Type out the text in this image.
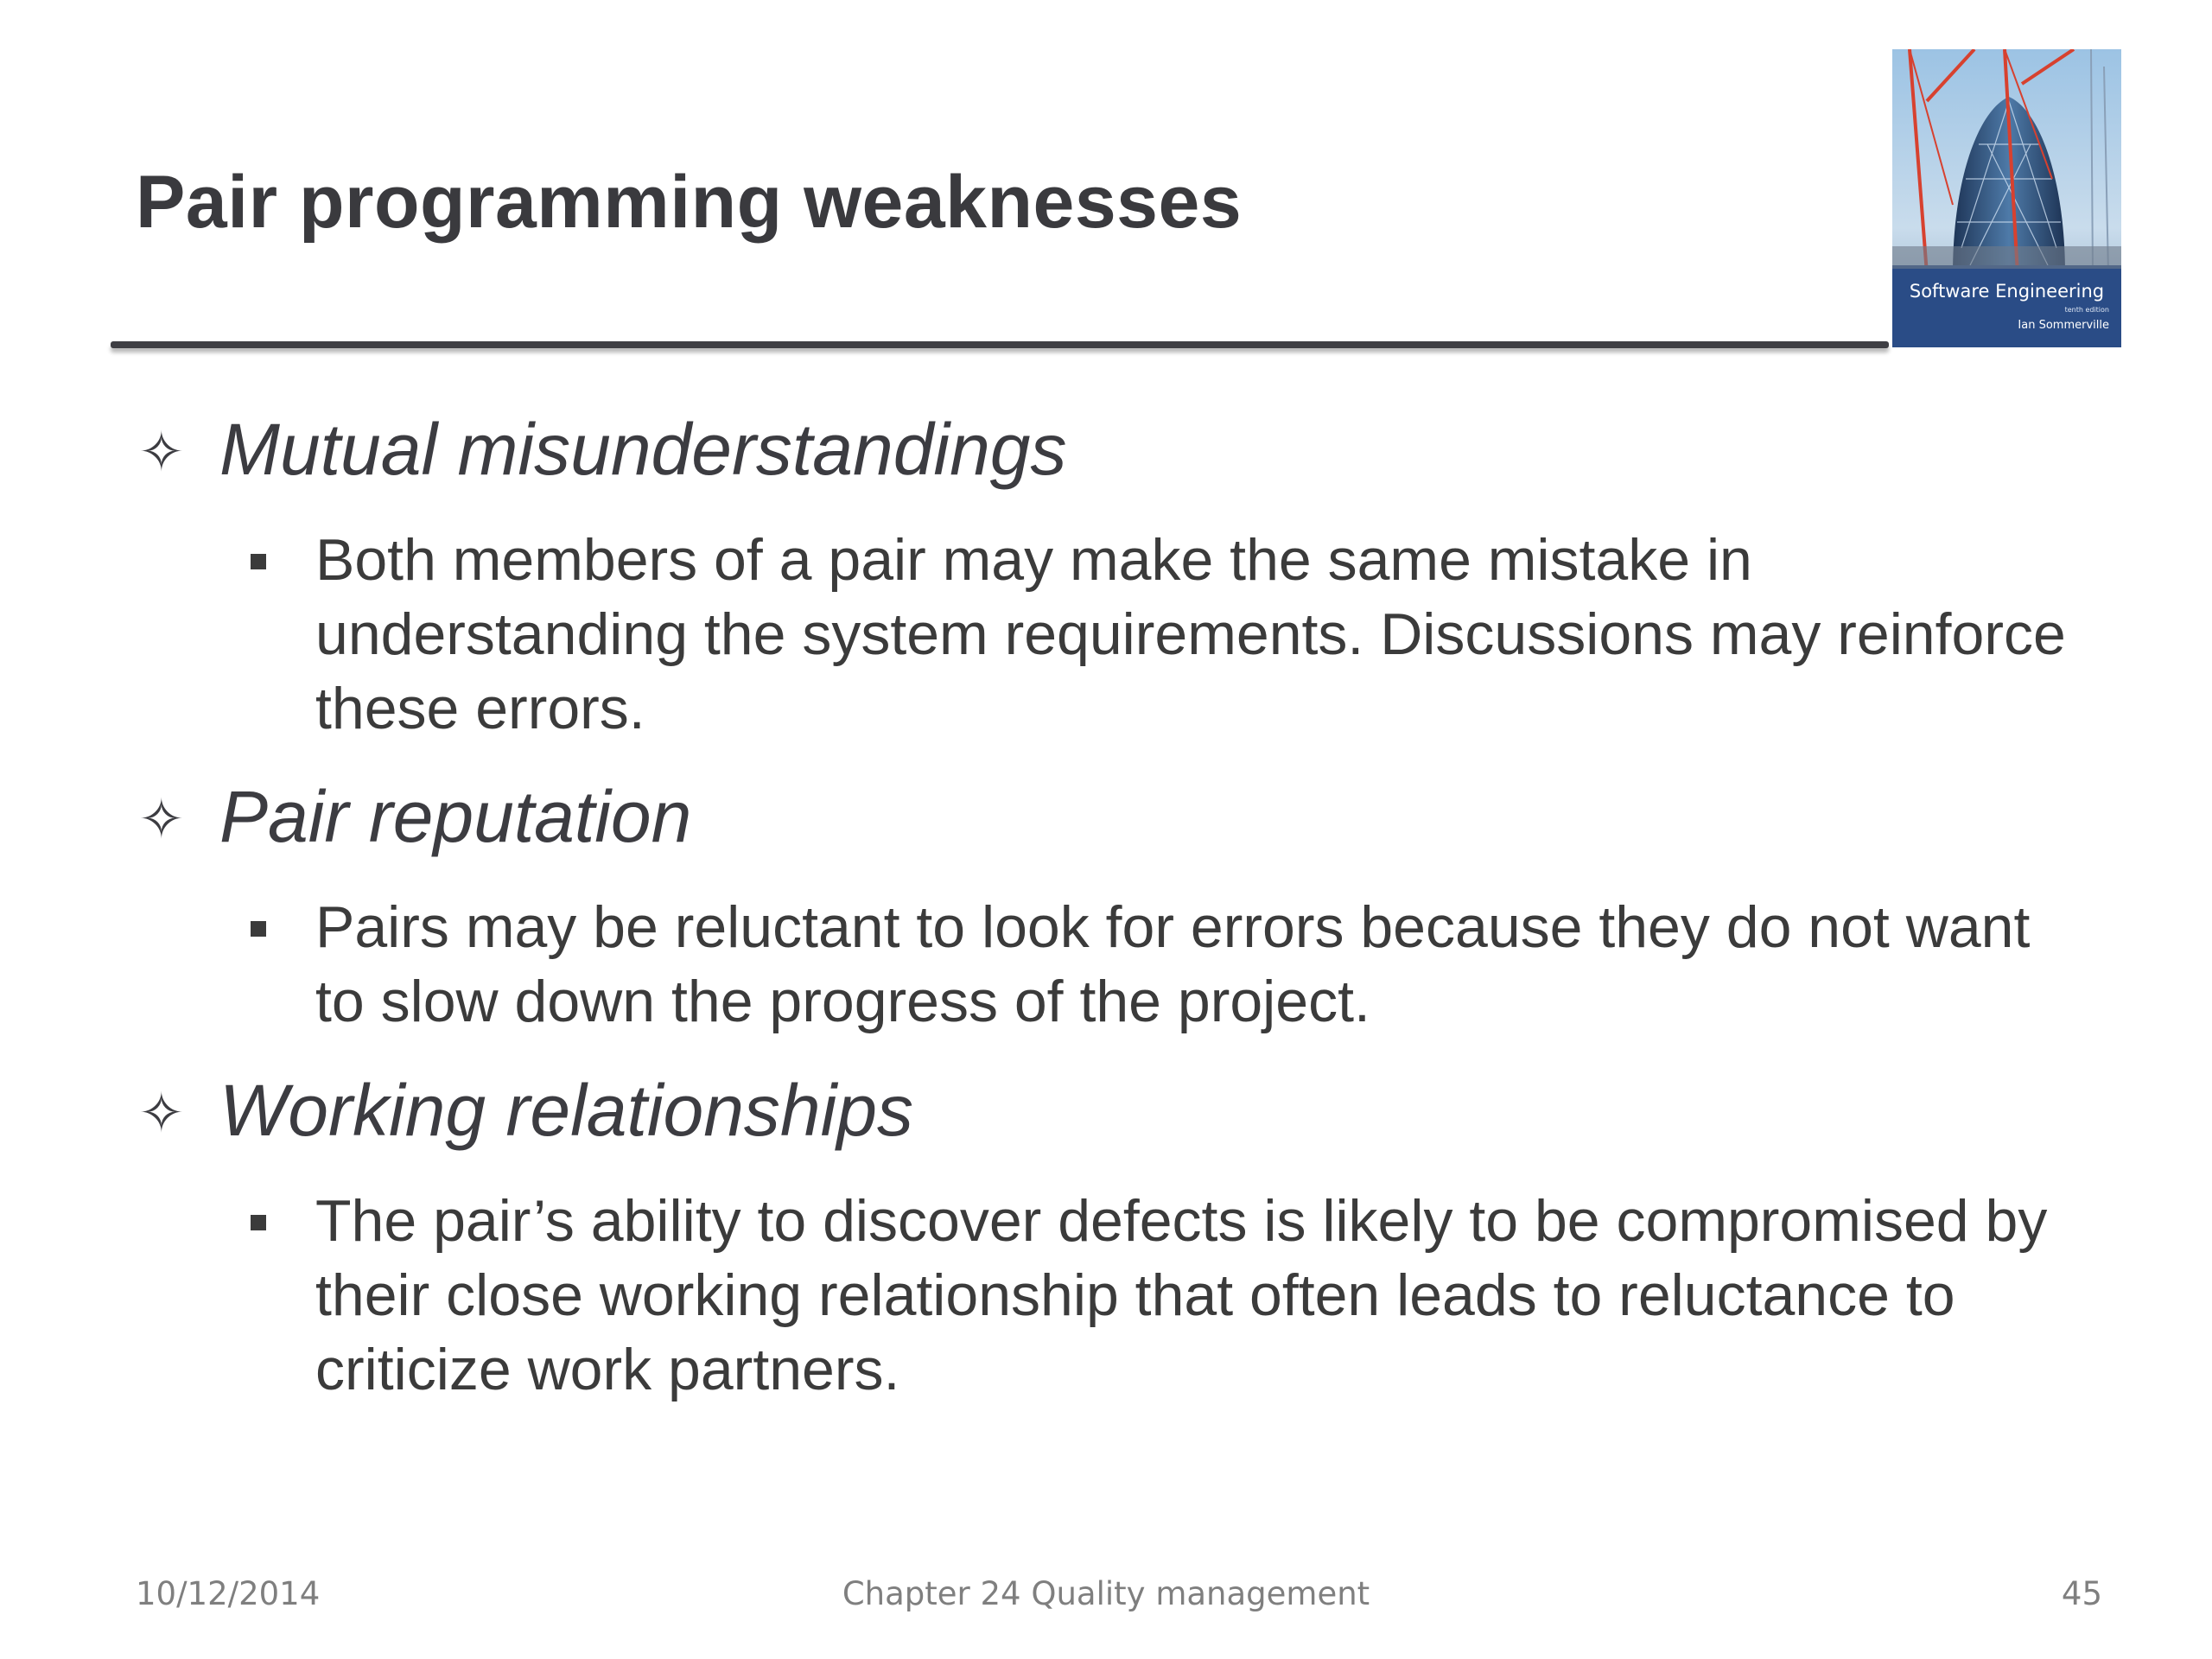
Pair programming weaknesses
Software Engineering
tenth edition
Ian Sommerville
✧ Mutual misunderstandings
Both members of a pair may make the same mistake in understanding the system requirements. Discussions may reinforce these errors.
✧ Pair reputation
Pairs may be reluctant to look for errors because they do not want to slow down the progress of the project.
✧ Working relationships
The pair’s ability to discover defects is likely to be compromised by their close working relationship that often leads to reluctance to criticize work partners.
10/12/2014	Chapter 24 Quality management	45
